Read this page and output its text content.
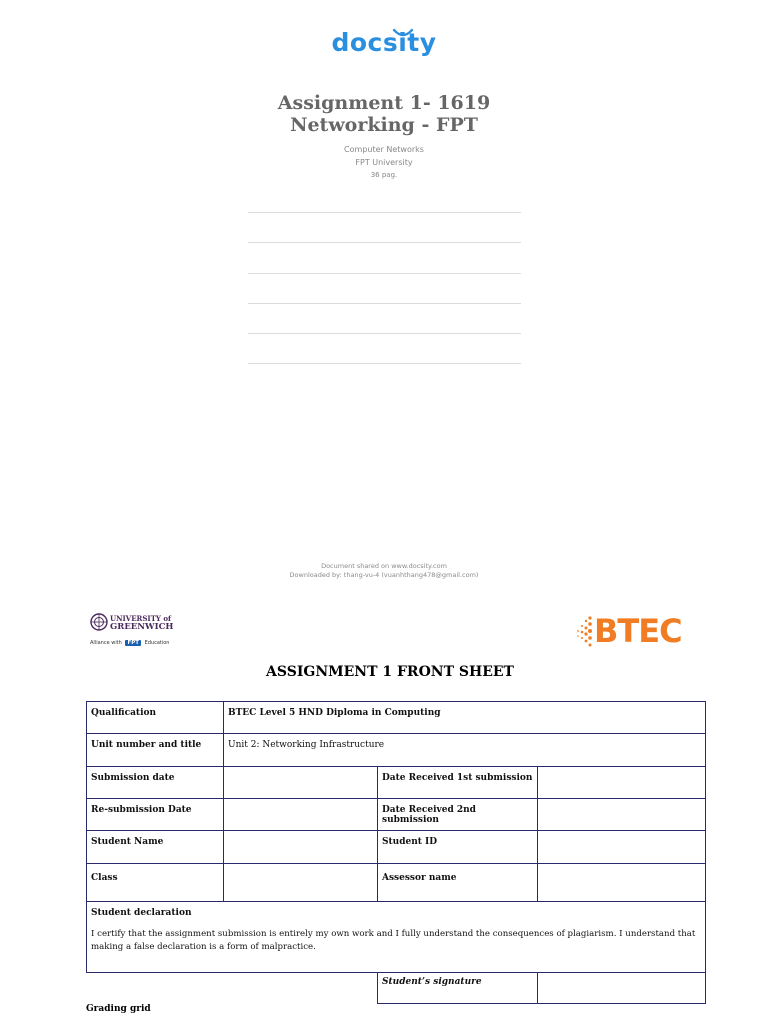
docsity
Assignment 1- 1619
Networking - FPT
Computer Networks
FPT University
36 pag.
Document shared on www.docsity.com
Downloaded by: thang-vu-4 (vuanhthang478@gmail.com)
UNIVERSITY of
GREENWICH
Alliance with FPT Education	BTEC
ASSIGNMENT 1 FRONT SHEET
Qualification	BTEC Level 5 HND Diploma in Computing		
Unit number and title	Unit 2: Networking Infrastructure		
Submission date		Date Received 1st submission	
Re-submission Date		Date Received 2nd submission	
Student Name		Student ID	
Class		Assessor name	

Student declaration
I certify that the assignment submission is entirely my own work and I fully understand the consequences of plagiarism. I understand that making a false declaration is a form of malpractice.			

		Student’s signature	
Grading grid
